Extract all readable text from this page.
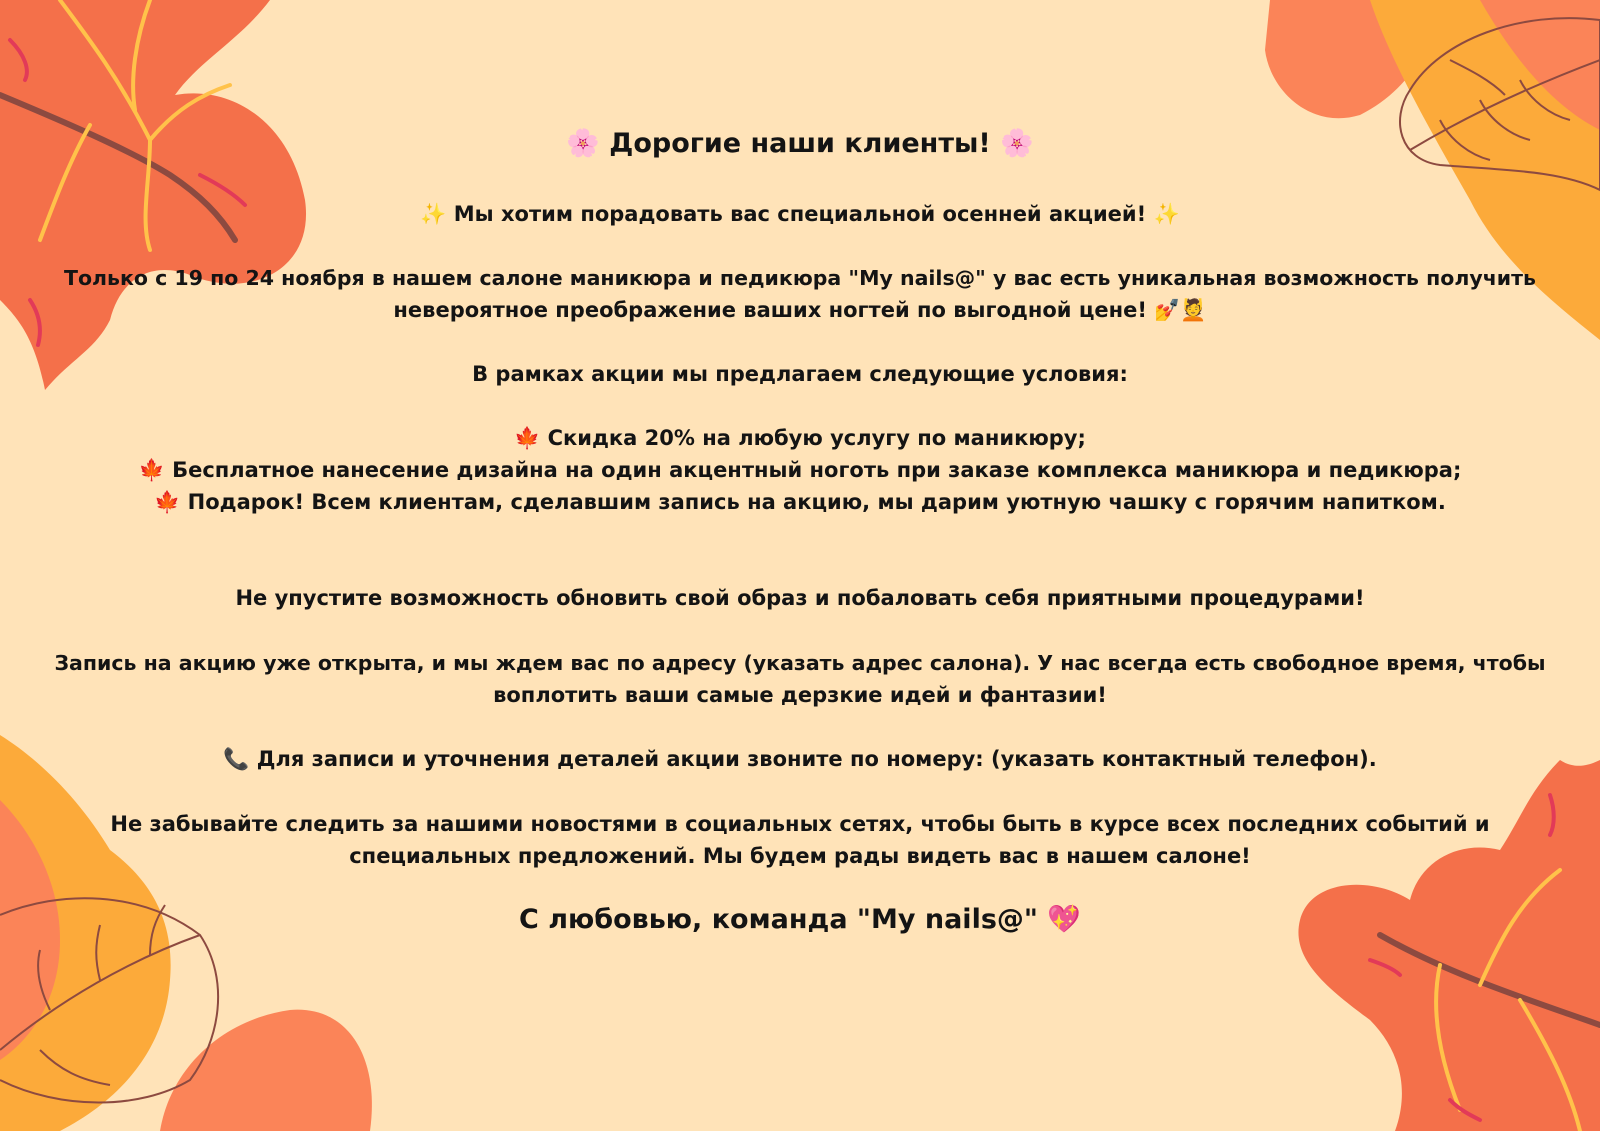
🌸 Дорогие наши клиенты! 🌸
✨ Мы хотим порадовать вас специальной осенней акцией! ✨
Только с 19 по 24 ноября в нашем салоне маникюра и педикюра "My nails@" у вас есть уникальная возможность получить
невероятное преображение ваших ногтей по выгодной цене! 💅💆
В рамках акции мы предлагаем следующие условия:
🍁 Скидка 20% на любую услугу по маникюру;
🍁 Бесплатное нанесение дизайна на один акцентный ноготь при заказе комплекса маникюра и педикюра;
🍁 Подарок! Всем клиентам, сделавшим запись на акцию, мы дарим уютную чашку с горячим напитком.
Не упустите возможность обновить свой образ и побаловать себя приятными процедурами!
Запись на акцию уже открыта, и мы ждем вас по адресу (указать адрес салона). У нас всегда есть свободное время, чтобы
воплотить ваши самые дерзкие идей и фантазии!
📞 Для записи и уточнения деталей акции звоните по номеру: (указать контактный телефон).
Не забывайте следить за нашими новостями в социальных сетях, чтобы быть в курсе всех последних событий и
специальных предложений. Мы будем рады видеть вас в нашем салоне!
С любовью, команда "My nails@" 💖
